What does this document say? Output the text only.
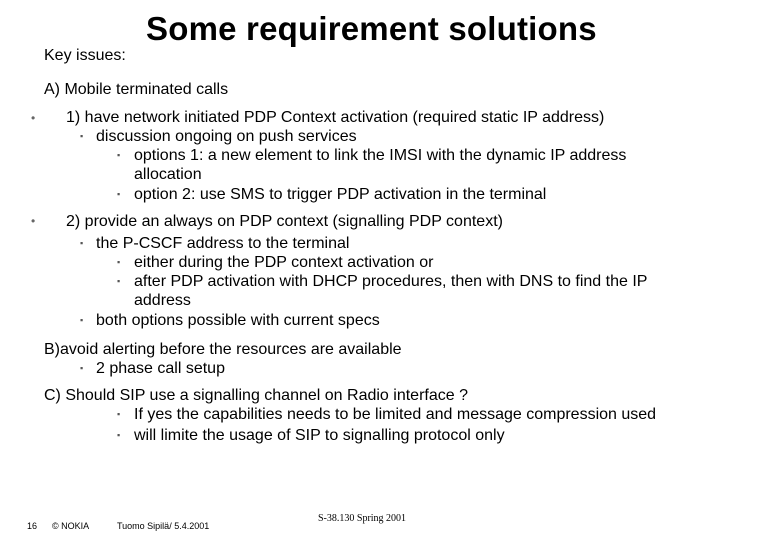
Some requirement solutions
Key issues:
A) Mobile terminated calls
• 1) have network initiated PDP Context activation (required static IP address)
▪ discussion ongoing on push services
▪ options 1: a new element to link the IMSI with the dynamic IP address
allocation
▪ option 2: use SMS to trigger PDP activation in the terminal
• 2) provide an always on PDP context (signalling PDP context)
▪ the P-CSCF address to the terminal
▪ either during the PDP context activation or
▪ after PDP activation with DHCP procedures, then with DNS to find the IP
address
▪ both options possible with current specs
B)avoid alerting before the resources are available
▪ 2 phase call setup
C) Should SIP use a signalling channel on Radio interface ?
▪ If yes the capabilities needs to be limited and message compression used
▪ will limite the usage of SIP to signalling protocol only
16 © NOKIA	Tuomo Sipilä/ 5.4.2001
S-38.130 Spring 2001
